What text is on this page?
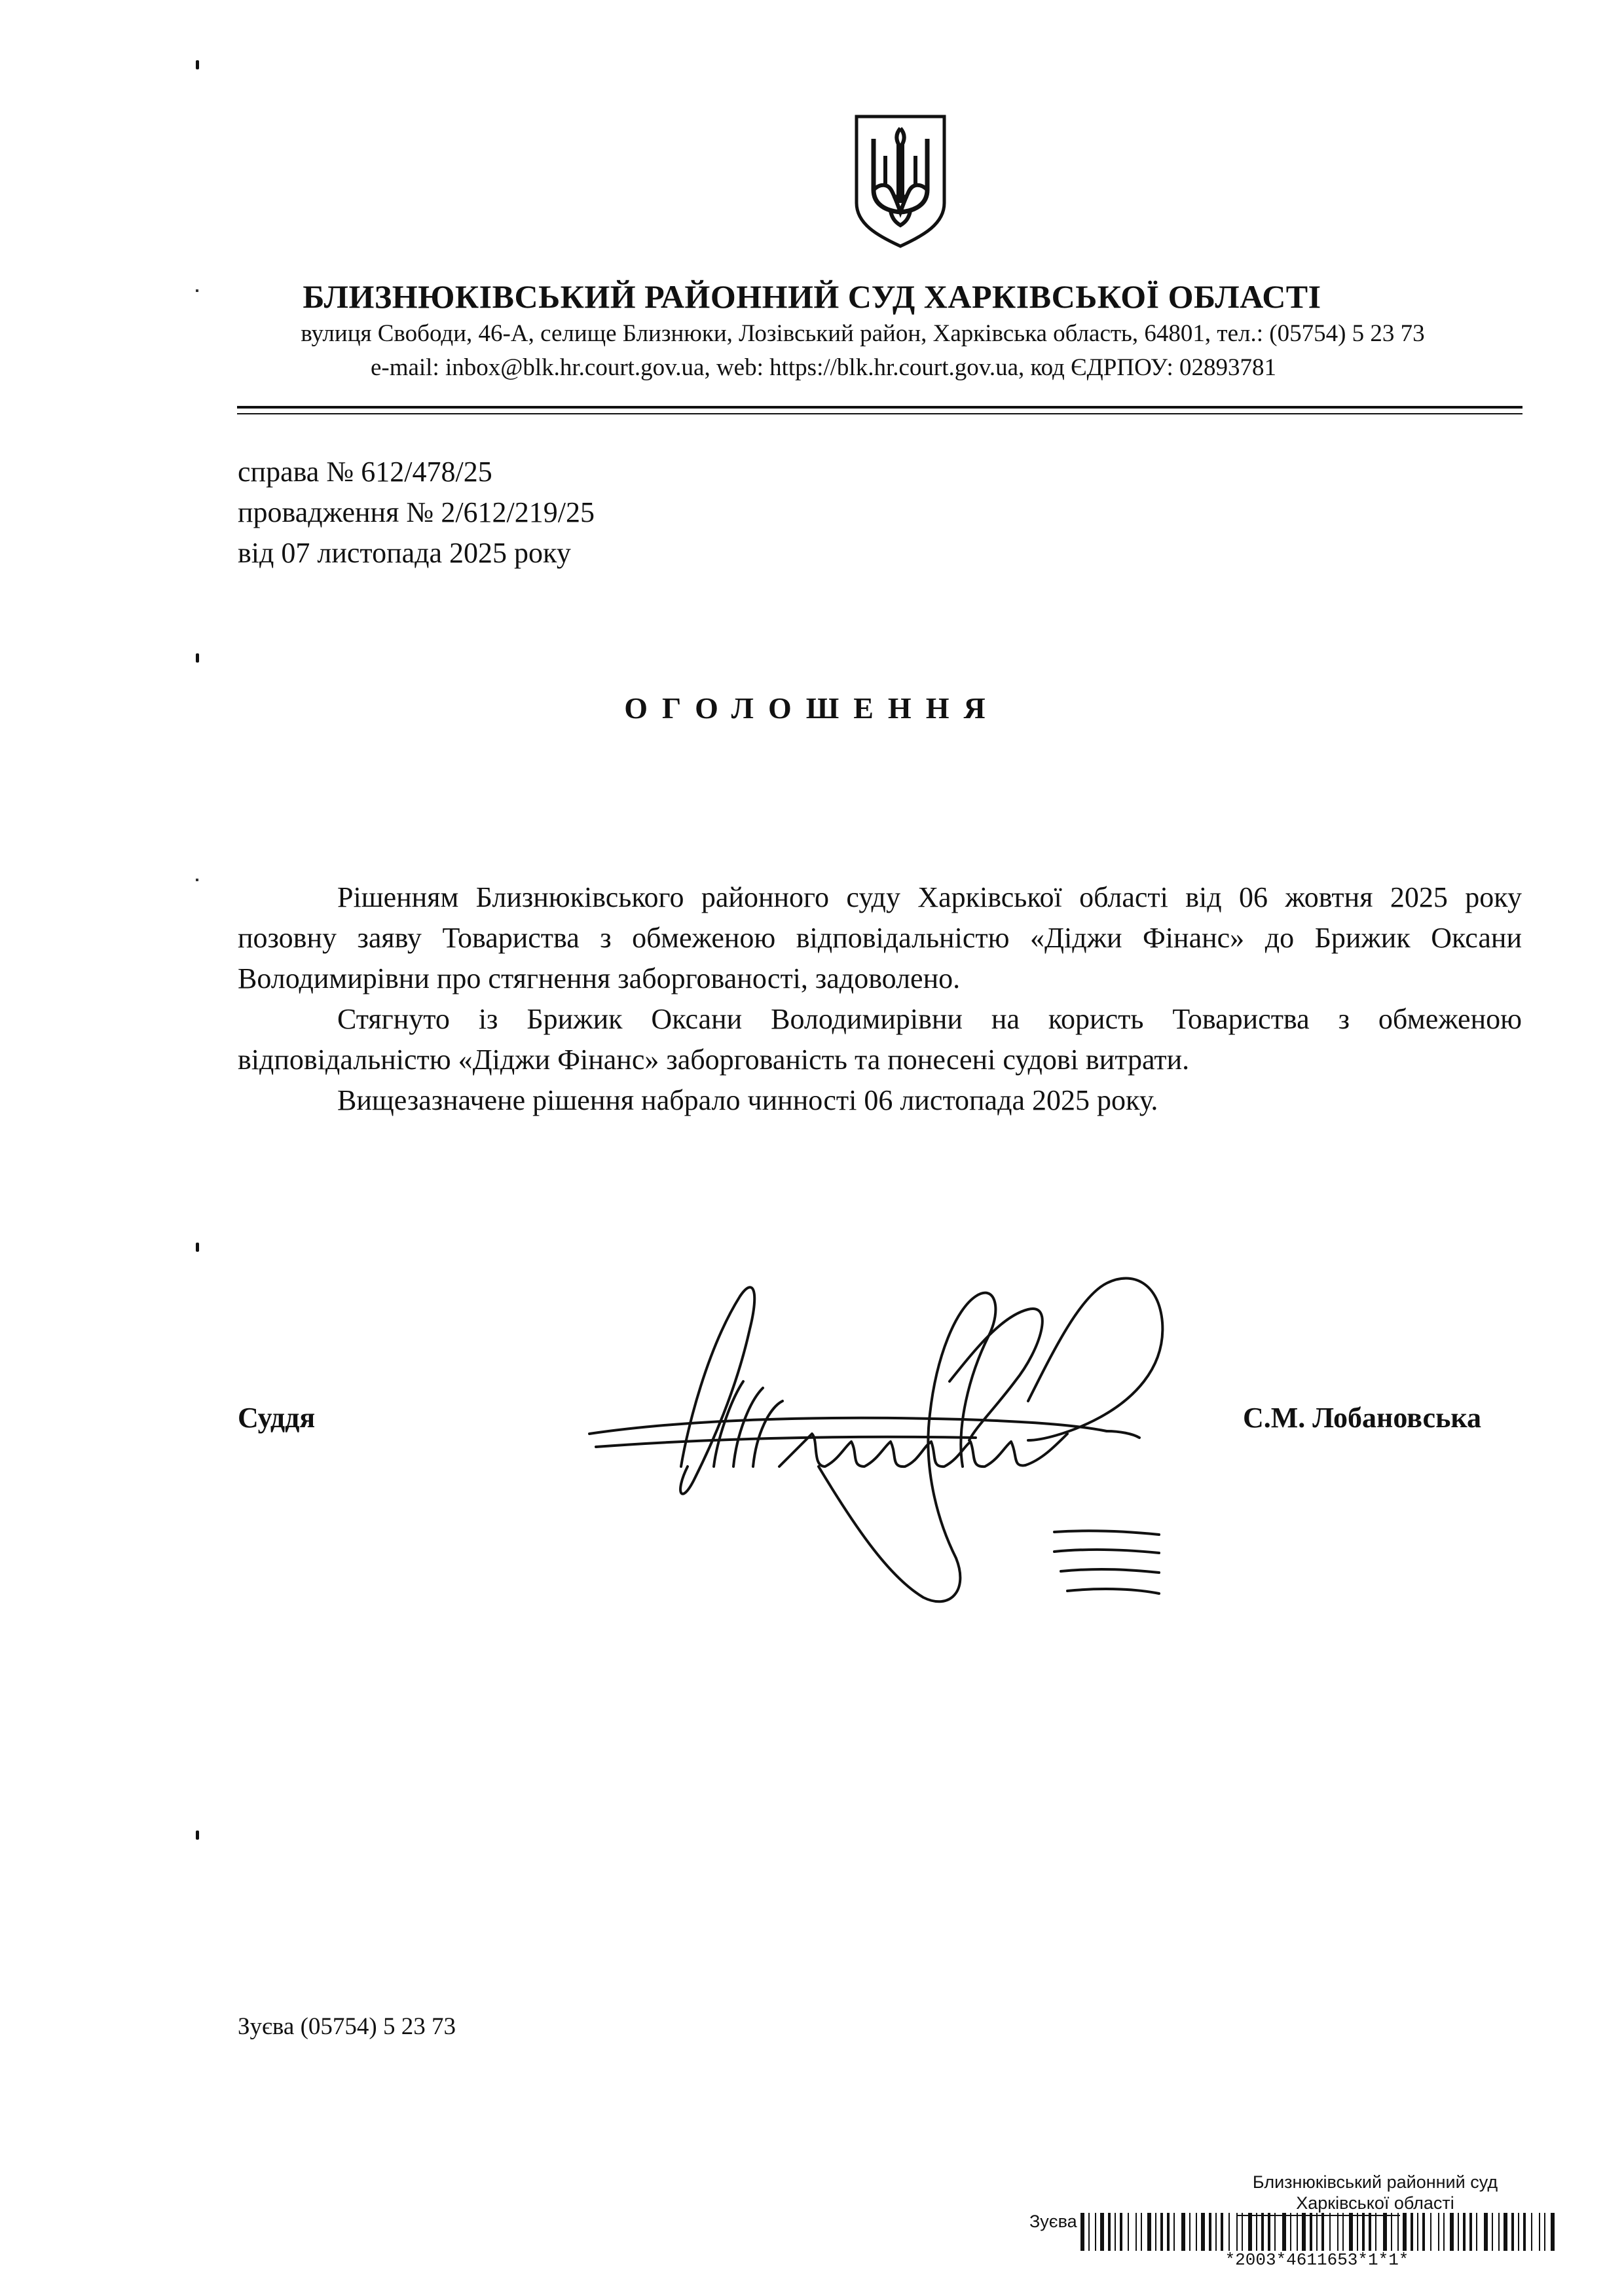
БЛИЗНЮКІВСЬКИЙ РАЙОННИЙ СУД ХАРКІВСЬКОЇ ОБЛАСТІ
вулиця Свободи, 46-А, селище Близнюки, Лозівський район, Харківська область, 64801, тел.: (05754) 5 23 73
e-mail: inbox@blk.hr.court.gov.ua, web: https://blk.hr.court.gov.ua, код ЄДРПОУ: 02893781
справа № 612/478/25
провадження № 2/612/219/25
від 07 листопада 2025 року
ОГОЛОШЕННЯ

Рішенням Близнюківського районного суду Харківської області від 06 жовтня 2025 року позовну заяву Товариства з обмеженою відповідальністю «Діджи Фінанс» до Брижик Оксани Володимирівни про стягнення заборгованості, задоволено.

Стягнуто із Брижик Оксани Володимирівни на користь Товариства з обмеженою відповідальністю «Діджи Фінанс» заборгованість та понесені судові витрати.

Вищезазначене рішення набрало чинності 06 листопада 2025 року.

Суддя	С.М. Лобановська
Зуєва (05754) 5 23 73
Близнюківський районний суд
Харківської області
Зуєва
*2003*4611653*1*1*
